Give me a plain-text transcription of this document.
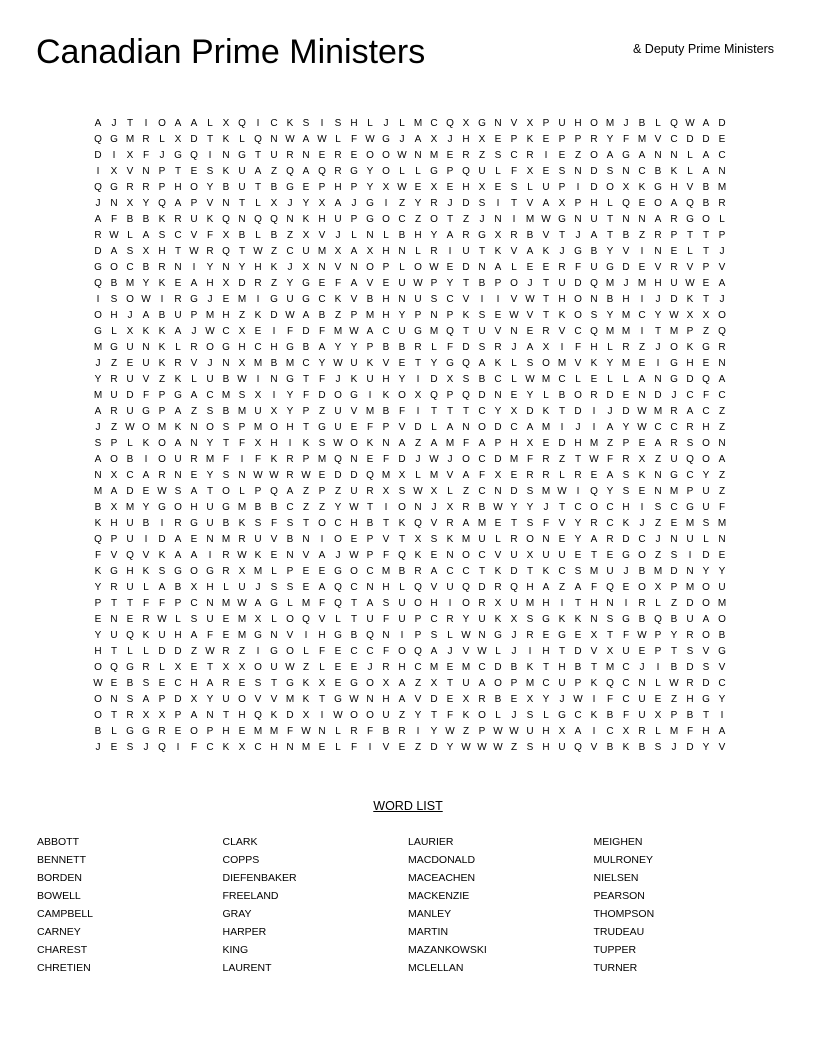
Canadian Prime Ministers	& Deputy Prime Ministers
A	J	T	I	O A A L X Q	I	C K S	I	S H L	J	L M C Q X G N V X P U H O M J	B L Q W A D
Q G M R L X D T K L Q N W A W L	F W G J	A X	J H X E P K E P P R Y F M V C D D E
D	I	X F	J G Q	I	N G T U R N E R E O O W N M E R Z S C R	I	E Z O A G A N N L A C
I	X V N P T E S K U A Z Q A Q R G Y O L	L G P Q U L	F X E S N D S N C B K L A N
Q G R R P H O Y B U T B G E P H P Y X W E X E H X E S L U P	I	D O X K G H V B M
J N X Y Q A P V N T	L X	J	Y X A	J G	I	Z Y R J D S	I	T V A X P H L Q E O A Q B R
A F B B K R U K Q N Q Q N K H U P G O C Z O T Z	J N	I	M W G N U T N N A R G O L
R W L A S C V F X B L B Z X V	J	L N L B H Y A R G X R B V T	J	A T B Z R P T T P
D A S X H T W R Q T W Z C U M X A X H N L R	I	U T K V A K	J G B Y V	I	N E L	T	J
G O C B R N	I	Y N Y H K	J	X N V N O P L O W E D N A L E E R F U G D E V R V P V
Q B M Y K E A H X D R Z Y G E F A V E U W P Y T B P O J	T U D Q M J M H U W E A
I	S O W I	R G J	E M	I	G U G C K V B H N U S C V	I	I	V W T H O N B H	I	J D K T	J
O H J	A B U P M H Z K D W A B Z P M H Y P N P K S E W V T K O S Y M C Y W X X O
G L X K K A	J W C X E	I	F D F M W A C U G M Q T U V N E R V C Q M M	I	T M P Z Q
M G U N K L R O G H C H G B A Y Y P B B R L	F D S R J	A X	I	F H L R Z	J O K G R
J	Z E U K R V	J N X M B M C Y W U K V E T Y G Q A K L S O M V K Y M E	I	G H E N
Y R U V Z K L U B W I	N G T F	J	K U H Y	I	D X S B C L W M C L E L	L A N G D Q A
M U D F P G A C M S X	I	Y F D O G	I	K O X Q P Q D N E Y L B O R D E N D J C F C
A R U G P A Z S B M U X Y P Z U V M B F	I	T T T C Y X D K T D	I	J D W M R A C Z
J	Z W O M K N O S P M O H T G U E F P V D L A N O D C A M	I	J	I	A Y W C C R H Z
S P L K O A N Y T F X H	I	K S W O K N A Z A M F A P H X E D H M Z P E A R S O N
A O B	I	O U R M F	I	F K R P M Q N E F D J W J O C D M F R Z T W F R X Z U Q O A
N X C A R N E Y S N W W R W E D D Q M X L M V A F X E R R L R E A S K N G C Y Z
M A D E W S A T O L P Q A Z P Z U R X S W X L	Z C N D S M W I	Q Y S E N M P U Z
B X M Y G O H U G M B B C Z Z Y W T	I	O N J	X R B W Y Y	J	T C O C H	I	S C G U F
K H U B	I	R G U B K S F S T O C H B T K Q V R A M E T S F V Y R C K	J	Z E M S M
Q P U	I	D A E N M R U V B N	I	O E P V T X S K M U L R O N E Y A R D C J N U L N
F V Q V K A A	I	R W K E N V A	J W P F Q K E N O C V U X U U E T E G O Z S	I	D E
K G H K S G O G R X M L P E E G O C M B R A C C T K D T K C S M U J	B M D N Y Y
Y R U L A B X H L U J	S S E A Q C N H L Q V U Q D R Q H A Z A F Q E O X P M O U
P T T F F P C N M W A G L M F Q T A S U O H	I	O R X U M H	I	T H N	I	R L	Z D O M
E N E R W L S U E M X L O Q V L	T U F U P C R Y U K X S G K K N S G B Q B U A O
Y U Q K U H A F E M G N V	I	H G B Q N	I	P S L W N G J R E G E X T F W P Y R O B
H T	L	L D D Z W R Z	I	G O L	F E C C F O Q A	J	V W L	J	I	H T D V X U E P T S V G
O Q G R L X E T X X O U W Z	L E E	J R H C M E M C D B K T H B T M C J	I	B D S V
W E B S E C H A R E S T G K X E G O X A Z X T U A O P M C U P K Q C N L W R D C
O N S A P D X Y U O V V M K T G W N H A V D E X R B E X Y	J W I	F C U E Z H G Y
O T R X X P A N T H Q K D X	I W O O U Z Y T F K O L	J	S L G C K B F U X P B T	I
B L G G R E O P H E M M F W N L R F B R	I	Y W Z P W W U H X A	I	C X R L M F H A
J	E S	J Q	I	F C K X C H N M E L	F	I	V E Z D Y W W W Z S H U Q V B K B S	J D Y V
WORD LIST
ABBOTT
BENNETT
BORDEN
BOWELL
CAMPBELL
CARNEY
CHAREST
CHRETIEN
CLARK
COPPS
DIEFENBAKER
FREELAND
GRAY
HARPER
KING
LAURENT
LAURIER
MACDONALD
MACEACHEN
MACKENZIE
MANLEY
MARTIN
MAZANKOWSKI
MCLELLAN
MEIGHEN
MULRONEY
NIELSEN
PEARSON
THOMPSON
TRUDEAU
TUPPER
TURNER
